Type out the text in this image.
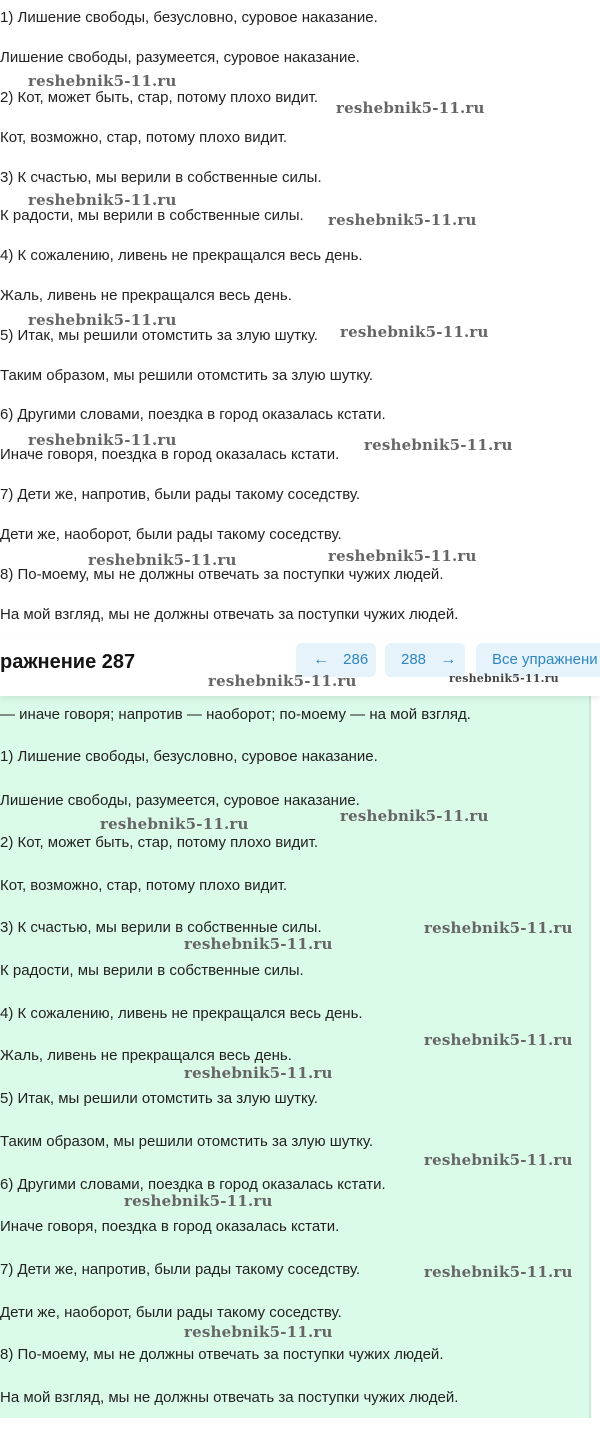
1) Лишение свободы, безусловно, суровое наказание.
Лишение свободы, разумеется, суровое наказание.
2) Кот, может быть, стар, потому плохо видит.
Кот, возможно, стар, потому плохо видит.
3) К счастью, мы верили в собственные силы.
К радости, мы верили в собственные силы.
4) К сожалению, ливень не прекращался весь день.
Жаль, ливень не прекращался весь день.
5) Итак, мы решили отомстить за злую шутку.
Таким образом, мы решили отомстить за злую шутку.
6) Другими словами, поездка в город оказалась кстати.
Иначе говоря, поездка в город оказалась кстати.
7) Дети же, напротив, были рады такому соседству.
Дети же, наоборот, были рады такому соседству.
8) По-моему, мы не должны отвечать за поступки чужих людей.
На мой взгляд, мы не должны отвечать за поступки чужих людей.
reshebnik5-11.ru
reshebnik5-11.ru
reshebnik5-11.ru
reshebnik5-11.ru
reshebnik5-11.ru
reshebnik5-11.ru
reshebnik5-11.ru	reshebnik5-11.ru
reshebnik5-11.ru	reshebnik5-11.ru
ражнение 287	← 286	288 →	Все упражнени
reshebnik5-11.ru	reshebnik5-11.ru
— иначе говоря; напротив — наоборот; по-моему — на мой взгляд.
1) Лишение свободы, безусловно, суровое наказание.
Лишение свободы, разумеется, суровое наказание.
2) Кот, может быть, стар, потому плохо видит.
Кот, возможно, стар, потому плохо видит.
3) К счастью, мы верили в собственные силы.
К радости, мы верили в собственные силы.
4) К сожалению, ливень не прекращался весь день.
Жаль, ливень не прекращался весь день.
5) Итак, мы решили отомстить за злую шутку.
Таким образом, мы решили отомстить за злую шутку.
6) Другими словами, поездка в город оказалась кстати.
Иначе говоря, поездка в город оказалась кстати.
7) Дети же, напротив, были рады такому соседству.
Дети же, наоборот, были рады такому соседству.
8) По-моему, мы не должны отвечать за поступки чужих людей.
На мой взгляд, мы не должны отвечать за поступки чужих людей.
reshebnik5-11.ru	reshebnik5-11.ru
reshebnik5-11.ru
reshebnik5-11.ru
reshebnik5-11.ru
reshebnik5-11.ru
reshebnik5-11.ru
reshebnik5-11.ru
reshebnik5-11.ru
reshebnik5-11.ru
